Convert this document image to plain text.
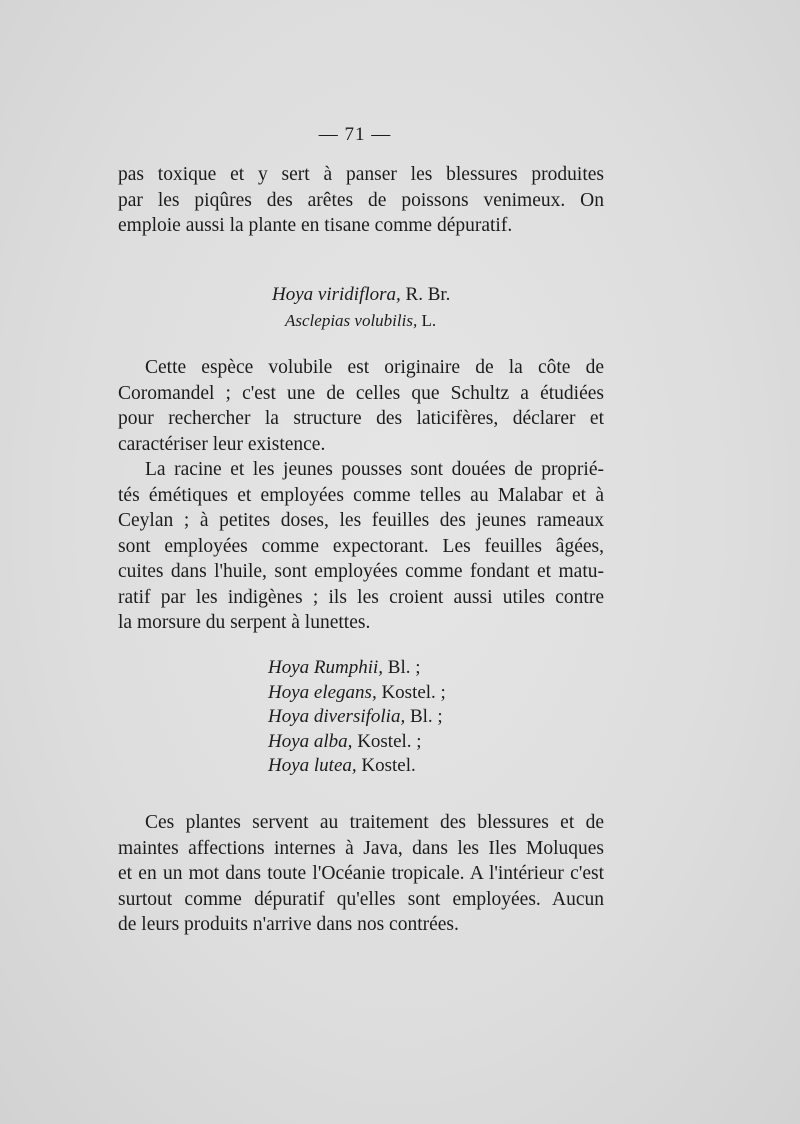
— 71 —

pas toxique et y sert à panser les blessures produites
par les piqûres des arêtes de poissons venimeux. On
emploie aussi la plante en tisane comme dépuratif.

Hoya viridiflora, R. Br.
Asclepias volubilis, L.

Cette espèce volubile est originaire de la côte de
Coromandel ; c'est une de celles que Schultz a étudiées
pour rechercher la structure des laticifères, déclarer et
caractériser leur existence.

La racine et les jeunes pousses sont douées de proprié-
tés émétiques et employées comme telles au Malabar et à
Ceylan ; à petites doses, les feuilles des jeunes rameaux
sont employées comme expectorant. Les feuilles âgées,
cuites dans l'huile, sont employées comme fondant et matu-
ratif par les indigènes ; ils les croient aussi utiles contre
la morsure du serpent à lunettes.

Hoya Rumphii, Bl. ;
Hoya elegans, Kostel. ;
Hoya diversifolia, Bl. ;
Hoya alba, Kostel. ;
Hoya lutea, Kostel.

Ces plantes servent au traitement des blessures et de
maintes affections internes à Java, dans les Iles Moluques
et en un mot dans toute l'Océanie tropicale. A l'intérieur c'est
surtout comme dépuratif qu'elles sont employées. Aucun
de leurs produits n'arrive dans nos contrées.
